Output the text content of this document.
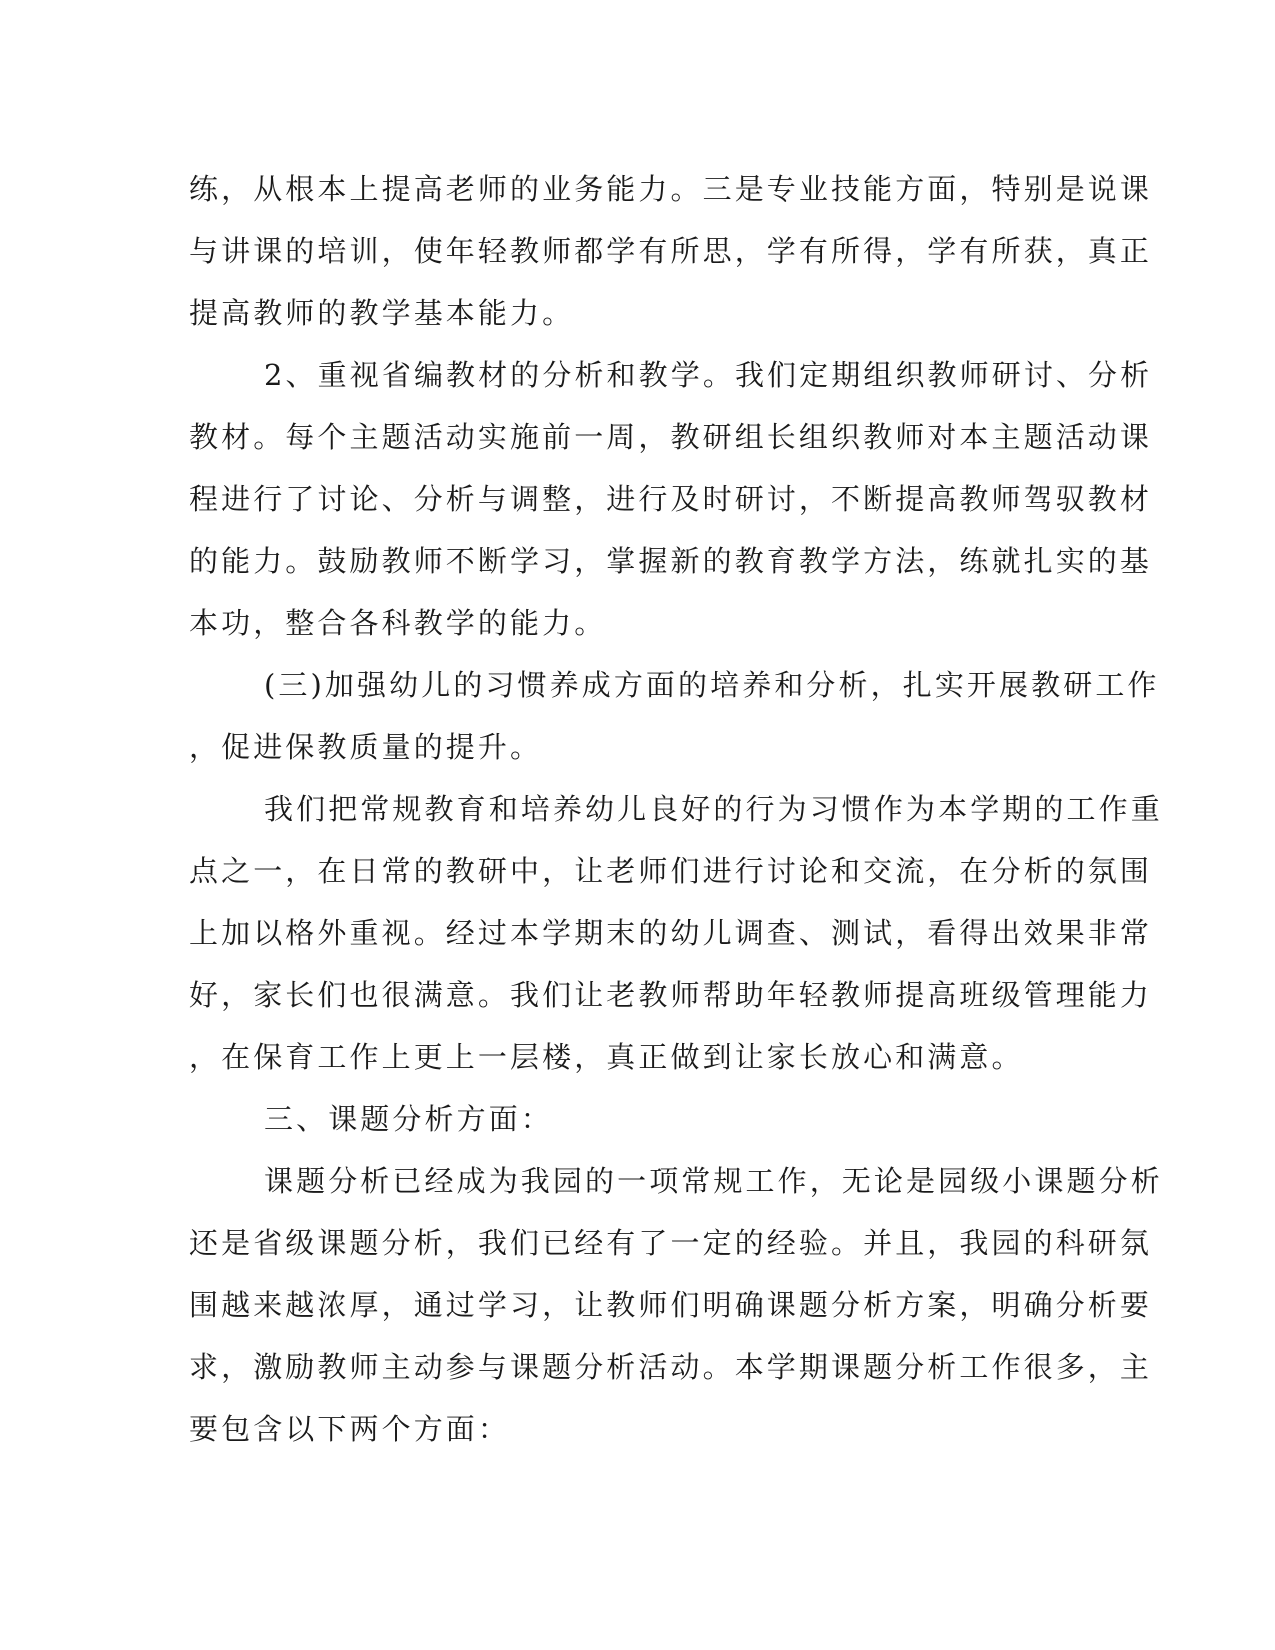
练，从根本上提高老师的业务能力。三是专业技能方面，特别是说课
与讲课的培训，使年轻教师都学有所思，学有所得，学有所获，真正
提高教师的教学基本能力。
2、重视省编教材的分析和教学。我们定期组织教师研讨、分析
教材。每个主题活动实施前一周，教研组长组织教师对本主题活动课
程进行了讨论、分析与调整，进行及时研讨，不断提高教师驾驭教材
的能力。鼓励教师不断学习，掌握新的教育教学方法，练就扎实的基
本功，整合各科教学的能力。
(三)加强幼儿的习惯养成方面的培养和分析，扎实开展教研工作
，促进保教质量的提升。
我们把常规教育和培养幼儿良好的行为习惯作为本学期的工作重
点之一，在日常的教研中，让老师们进行讨论和交流，在分析的氛围
上加以格外重视。经过本学期末的幼儿调查、测试，看得出效果非常
好，家长们也很满意。我们让老教师帮助年轻教师提高班级管理能力
，在保育工作上更上一层楼，真正做到让家长放心和满意。
三、课题分析方面：
课题分析已经成为我园的一项常规工作，无论是园级小课题分析
还是省级课题分析，我们已经有了一定的经验。并且，我园的科研氛
围越来越浓厚，通过学习，让教师们明确课题分析方案，明确分析要
求，激励教师主动参与课题分析活动。本学期课题分析工作很多，主
要包含以下两个方面：
